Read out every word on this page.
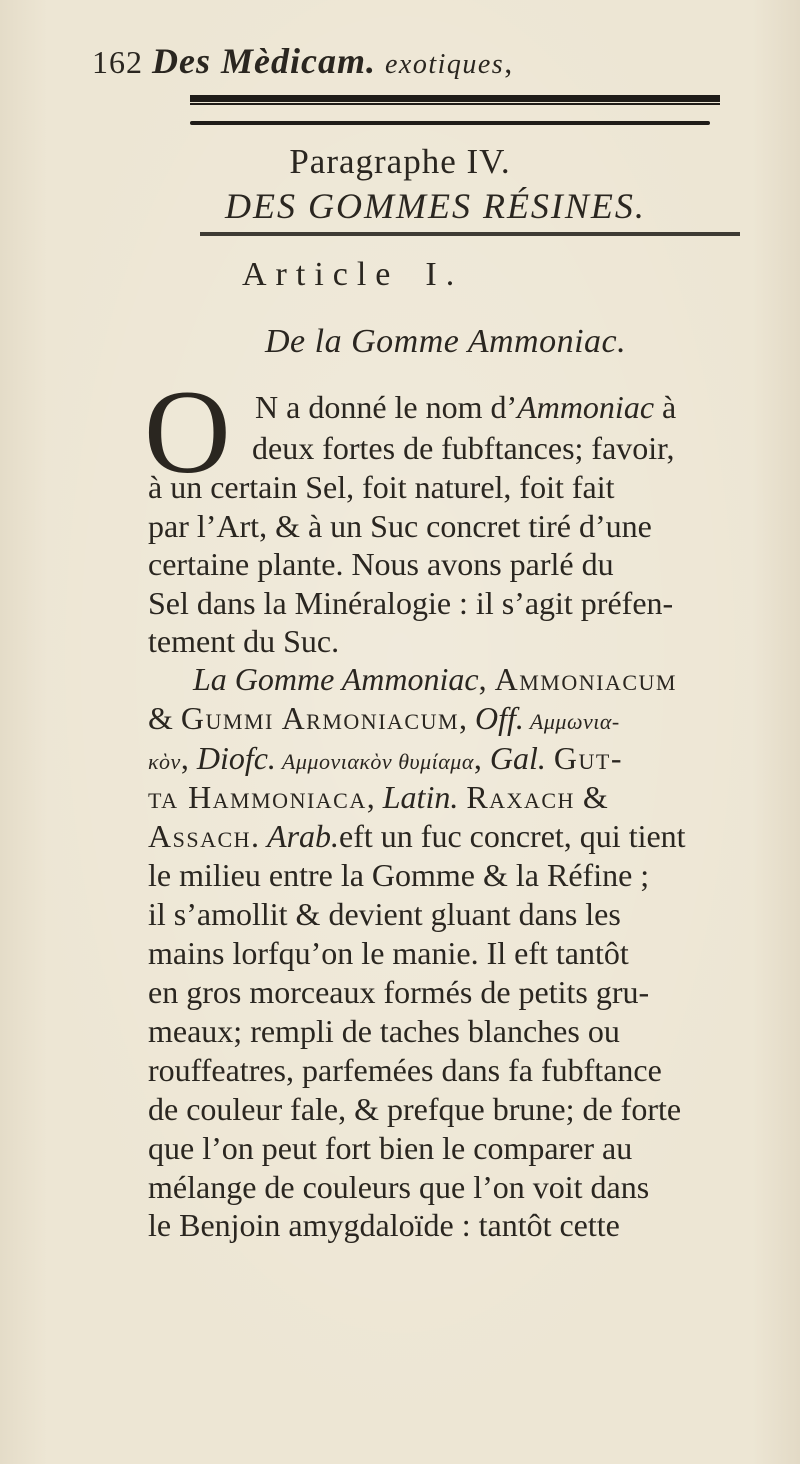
162 Des Mèdicam. exotiques,
Paragraphe IV.
DES GOMMES RÉSINES.
Article I.
De la Gomme Ammoniac.
O N a donné le nom d’Ammoniac à
deux fortes de fubftances; favoir,
à un certain Sel, foit naturel, foit fait
par l’Art, & à un Suc concret tiré d’une
certaine plante. Nous avons parlé du
Sel dans la Minéralogie : il s’agit préfen-
tement du Suc.
La Gomme Ammoniac, Ammoniacum
& Gummi Armoniacum, Off. Αμμωνια-
κὸν, Diofc. Αμμονιακὸν θυμίαμα, Gal. Gut-
ta Hammoniaca, Latin. Raxach &
Assach. Arab.eft un fuc concret, qui tient
le milieu entre la Gomme & la Réfine ;
il s’amollit & devient gluant dans les
mains lorfqu’on le manie. Il eft tantôt
en gros morceaux formés de petits gru-
meaux; rempli de taches blanches ou
rouffeatres, parfemées dans fa fubftance
de couleur fale, & prefque brune; de forte
que l’on peut fort bien le comparer au
mélange de couleurs que l’on voit dans
le Benjoin amygdaloïde : tantôt cette
